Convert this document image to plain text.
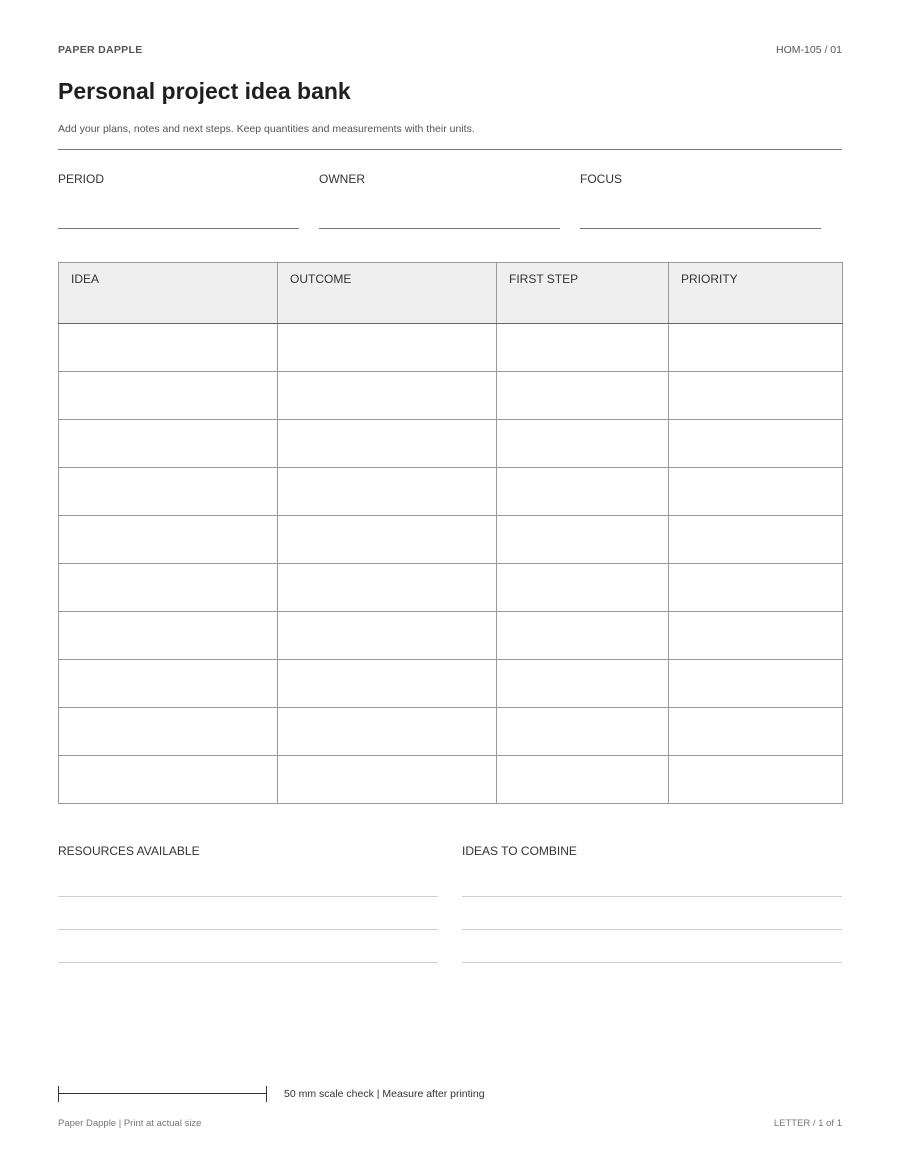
PAPER DAPPLE	HOM-105 / 01
Personal project idea bank
Add your plans, notes and next steps. Keep quantities and measurements with their units.
PERIOD	OWNER	FOCUS
IDEA	OUTCOME	FIRST STEP	PRIORITY

RESOURCES AVAILABLE	IDEAS TO COMBINE
50 mm scale check | Measure after printing
Paper Dapple | Print at actual size	LETTER / 1 of 1
